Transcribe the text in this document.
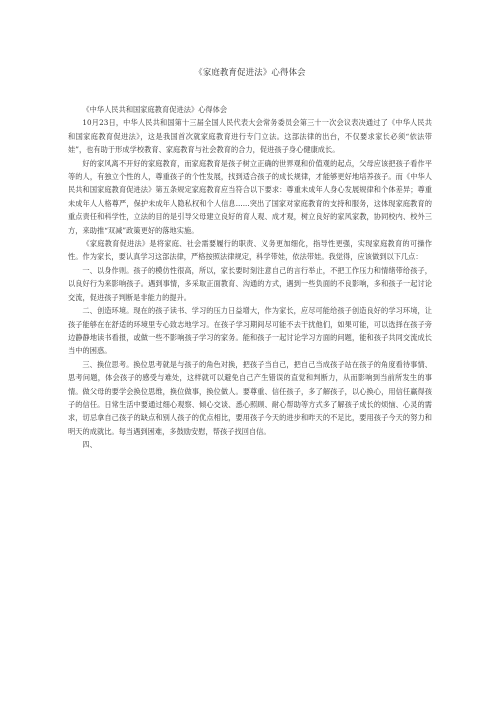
《家庭教育促进法》心得体会

《中华人民共和国家庭教育促进法》心得体会

10月23日，中华人民共和国第十三届全国人民代表大会常务委员会第三十一次会议表决通过了《中华人民共和国家庭教育促进法》，这是我国首次就家庭教育进行专门立法。这部法律的出台，不仅要求家长必须“依法带娃”，也有助于形成学校教育、家庭教育与社会教育的合力，促进孩子身心健康成长。

好的家风离不开好的家庭教育，而家庭教育是孩子树立正确的世界观和价值观的起点，父母应该把孩子看作平等的人，有独立个性的人，尊重孩子的个性发展，找到适合孩子的成长规律，才能够更好地培养孩子。而《中华人民共和国家庭教育促进法》第五条规定家庭教育应当符合以下要求：尊重未成年人身心发展规律和个体差异；尊重未成年人人格尊严，保护未成年人隐私权和个人信息......突出了国家对家庭教育的支持和服务，这体现家庭教育的重点责任和科学性，立法的目的是引导父母建立良好的育人观、成才观，树立良好的家风家教，协同校内、校外三方，来助推“双减”政策更好的落地实施。

《家庭教育促进法》是将家庭、社会需要履行的职责、义务更加细化，指导性更强，实现家庭教育的可操作性。作为家长，要认真学习这部法律，严格按照法律规定，科学带娃，依法带娃。我觉得，应该做到以下几点：

一、以身作则。孩子的模仿性很高，所以，家长要时刻注意自己的言行举止，不把工作压力和情绪带给孩子，以良好行为来影响孩子。遇到事情，多采取正面教育、沟通的方式，遇到一些负面的不良影响，多和孩子一起讨论交流，促进孩子判断是非能力的提升。

二、创造环境。现在的孩子读书、学习的压力日益增大，作为家长，应尽可能给孩子创造良好的学习环境，让孩子能够在在舒适的环境里专心致志地学习。在孩子学习期间尽可能不去干扰他们，如果可能，可以选择在孩子旁边静静地读书看报，或做一些不影响孩子学习的家务。能和孩子一起讨论学习方面的问题，能和孩子共同交流成长当中的困惑。

三、换位思考。换位思考就是与孩子的角色对换，把孩子当自己，把自己当成孩子站在孩子的角度看待事情、思考问题，体会孩子的感受与难处，这样就可以避免自己产生错误的直觉和判断力，从而影响到当前所发生的事情。做父母的要学会换位思维，换位做事，换位做人。要尊重、信任孩子，多了解孩子，以心换心，用信任赢得孩子的信任。日常生活中要通过细心观察、倾心交谈、悉心照顾、耐心帮助等方式多了解孩子成长的烦恼、心灵的需求，切忌拿自己孩子的缺点和别人孩子的优点相比，要用孩子今天的进步和昨天的不足比，要用孩子今天的努力和明天的成就比。每当遇到困难，多鼓励安慰，帮孩子找回自信。

四、
